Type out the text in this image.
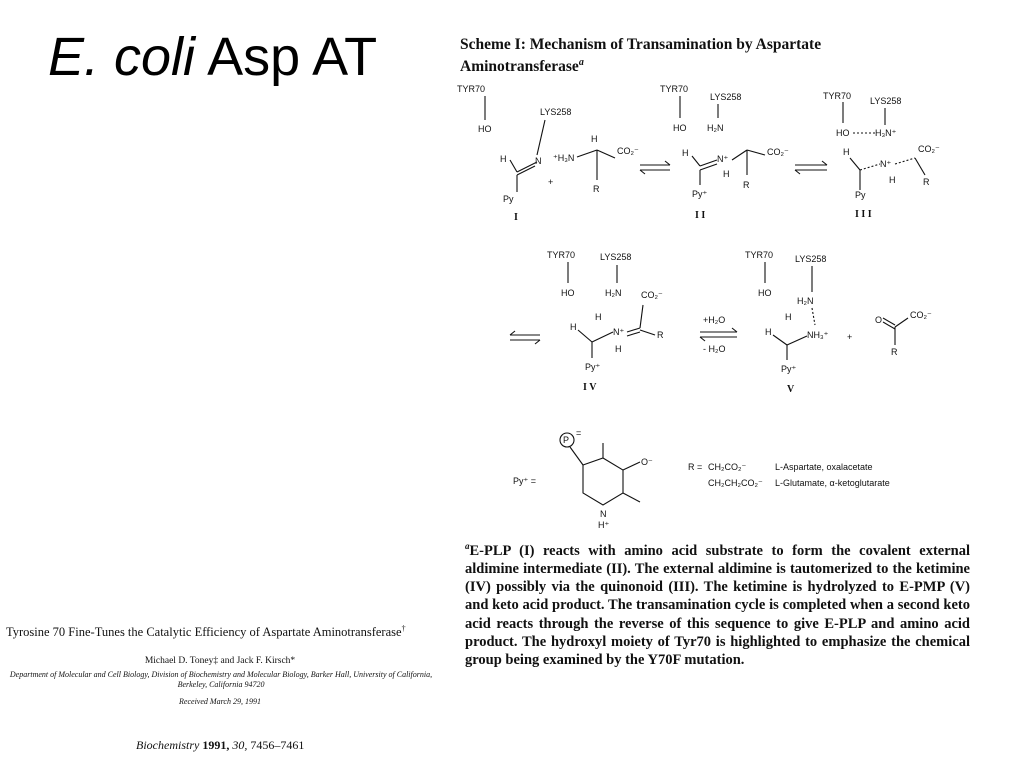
E. coli Asp AT	Scheme I: Mechanism of Transamination by Aspartate
Aminotransferase$^a$
TYR70
LYS258
HO
H	N
Py
⁺H₃N
H
CO₂⁻
R
+
I
TYR70
LYS258
HO H₂N
H
N⁺
H
Py⁺
CO₂⁻
R
I I
TYR70 LYS258
HO	H₃N⁺
H
N⁺
CO₂⁻
R
H
Py
I I I
TYR70	LYS258
HO	H₂N
H	N⁺	R
CO₂⁻
H
H
Py⁺
I V
+H₂O
- H₂O
TYR70 LYS258
HO
H₂N
H	NH₃⁺
H
Py⁺
V
+
O	CO₂⁻
R
Py⁺ =
P
=
O⁻
N
H⁺
R = CH₂CO₂⁻	L-Aspartate, oxalacetate
CH₂CH₂CO₂⁻ L-Glutamate, α-ketoglutarate
$^a$E-PLP (I) reacts with amino acid substrate to form the covalent external aldimine intermediate (II). The external aldimine is tautomerized to the ketimine (IV) possibly via the quinonoid (III). The ketimine is hydrolyzed to E-PMP (V) and keto acid product. The transamination cycle is completed when a second keto acid reacts through the reverse of this sequence to give E-PLP and amino acid product. The hydroxyl moiety of Tyr70 is highlighted to emphasize the chemical group being examined by the Y70F mutation.
Tyrosine 70 Fine-Tunes the Catalytic Efficiency of Aspartate Aminotransferase†
Michael D. Toney‡ and Jack F. Kirsch*
Department of Molecular and Cell Biology, Division of Biochemistry and Molecular Biology, Barker Hall, University of California, Berkeley, California 94720
Received March 29, 1991
Biochemistry 1991, 30, 7456–7461
